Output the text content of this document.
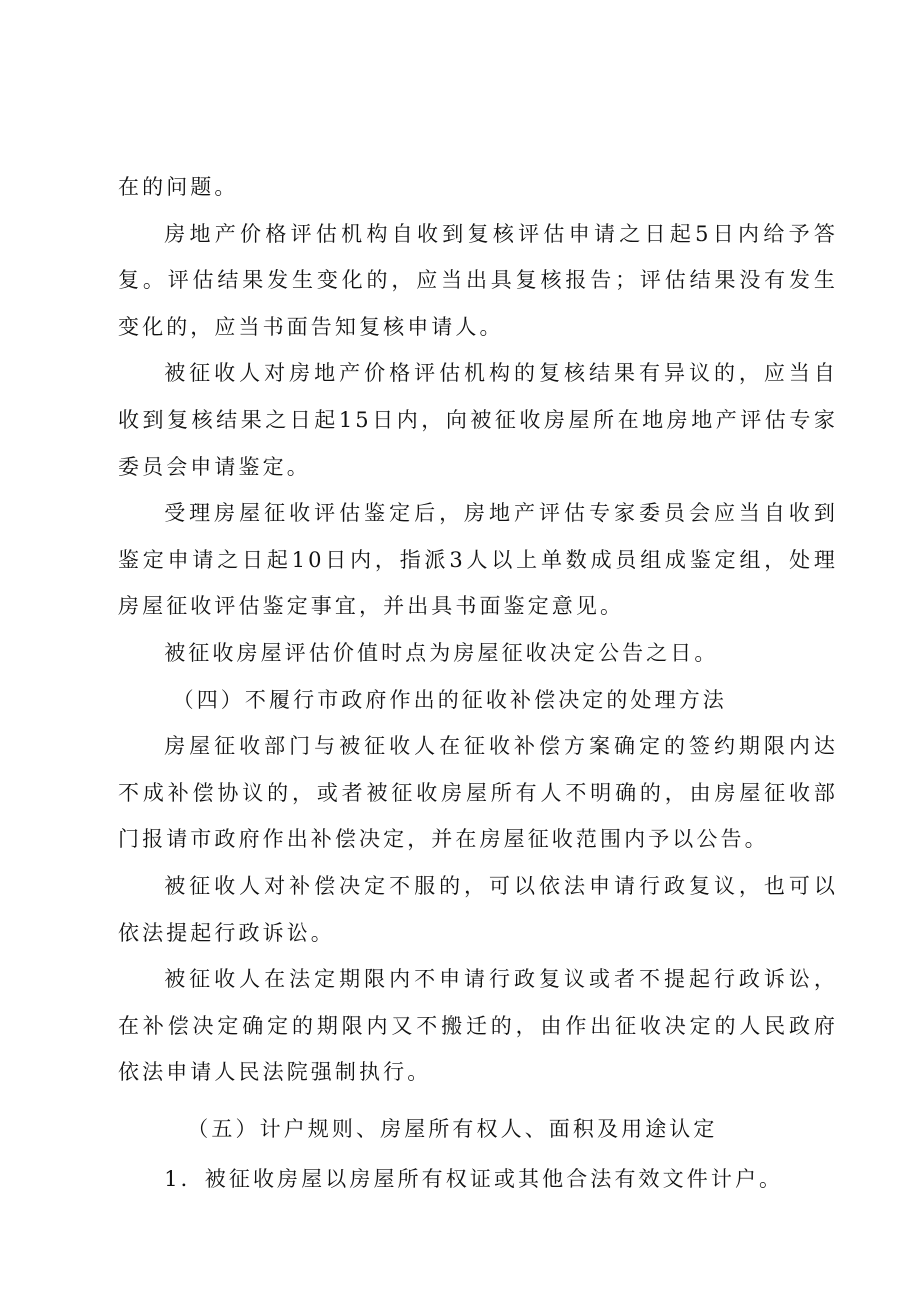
在的问题。

房地产价格评估机构自收到复核评估申请之日起5日内给予答复。评估结果发生变化的，应当出具复核报告；评估结果没有发生变化的，应当书面告知复核申请人。

被征收人对房地产价格评估机构的复核结果有异议的，应当自收到复核结果之日起15日内，向被征收房屋所在地房地产评估专家委员会申请鉴定。

受理房屋征收评估鉴定后，房地产评估专家委员会应当自收到鉴定申请之日起10日内，指派3人以上单数成员组成鉴定组，处理房屋征收评估鉴定事宜，并出具书面鉴定意见。

被征收房屋评估价值时点为房屋征收决定公告之日。

（四）不履行市政府作出的征收补偿决定的处理方法

房屋征收部门与被征收人在征收补偿方案确定的签约期限内达不成补偿协议的，或者被征收房屋所有人不明确的，由房屋征收部门报请市政府作出补偿决定，并在房屋征收范围内予以公告。

被征收人对补偿决定不服的，可以依法申请行政复议，也可以依法提起行政诉讼。

被征收人在法定期限内不申请行政复议或者不提起行政诉讼，在补偿决定确定的期限内又不搬迁的，由作出征收决定的人民政府依法申请人民法院强制执行。

（五）计户规则、房屋所有权人、面积及用途认定

1．被征收房屋以房屋所有权证或其他合法有效文件计户。
